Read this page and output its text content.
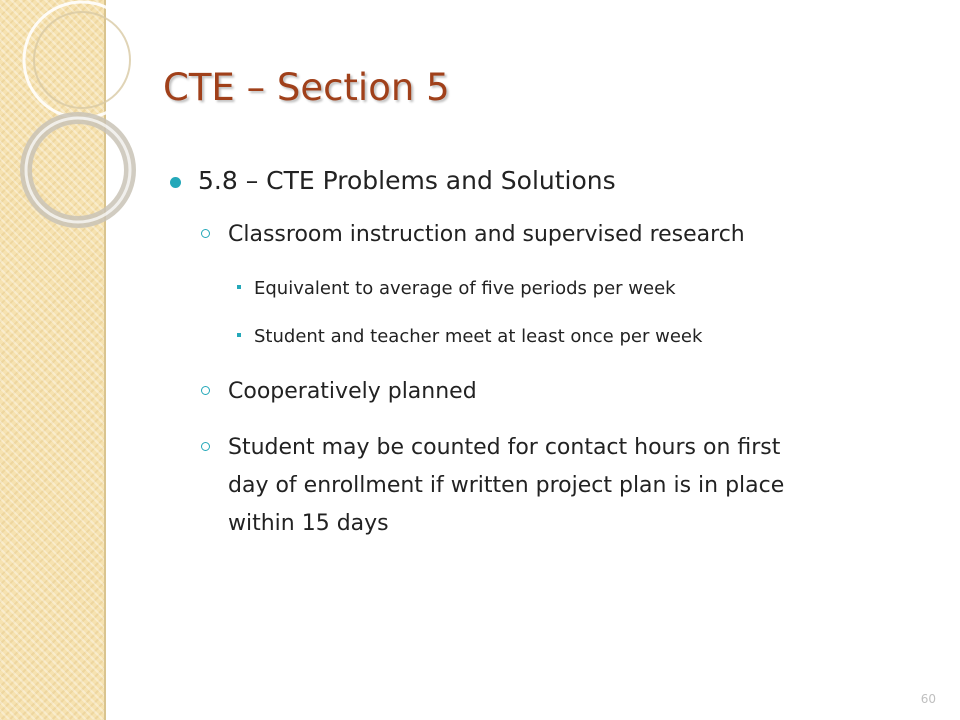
CTE – Section 5
5.8 – CTE Problems and Solutions
Classroom instruction and supervised research
Equivalent to average of five periods per week
Student and teacher meet at least once per week
Cooperatively planned
Student may be counted for contact hours on first
day of enrollment if written project plan is in place
within 15 days
60
